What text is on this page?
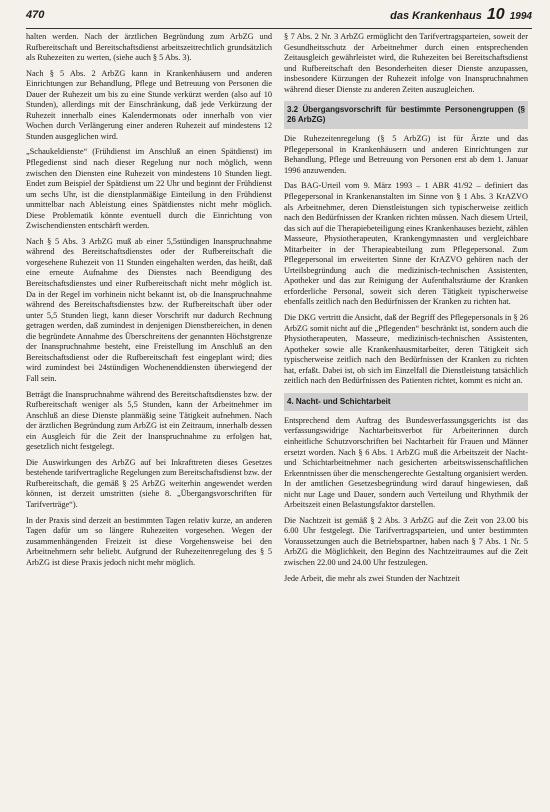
470	das Krankenhaus 10 1994

halten werden. Nach der ärztlichen Begründung zum ArbZG und Rufbereitschaft und Bereitschaftsdienst arbeitszeitrechtlich grundsätzlich als Ruhezeiten zu werten, (siehe auch § 5 Abs. 3).

Nach § 5 Abs. 2 ArbZG kann in Krankenhäusern und anderen Einrichtungen zur Behandlung, Pflege und Betreuung von Personen die Dauer der Ruhezeit um bis zu eine Stunde verkürzt werden (also auf 10 Stunden), allerdings mit der Einschränkung, daß jede Verkürzung der Ruhezeit innerhalb eines Kalendermonats oder innerhalb von vier Wochen durch Verlängerung einer anderen Ruhezeit auf mindestens 12 Stunden ausgeglichen wird.

„Schaukeldienste“ (Frühdienst im Anschluß an einen Spätdienst) im Pflegedienst sind nach dieser Regelung nur noch möglich, wenn zwischen den Diensten eine Ruhezeit von mindestens 10 Stunden liegt. Endet zum Beispiel der Spätdienst um 22 Uhr und beginnt der Frühdienst um sechs Uhr, ist die dienstplanmäßige Einteilung in den Frühdienst unmittelbar nach Ableistung eines Spätdienstes nicht mehr möglich. Diese Problematik könnte eventuell durch die Einrichtung von Zwischendiensten entschärft werden.

Nach § 5 Abs. 3 ArbZG muß ab einer 5,5stündigen Inanspruchnahme während des Bereitschaftsdienstes oder der Rufbereitschaft die vorgesehene Ruhezeit von 11 Stunden eingehalten werden, das heißt, daß eine erneute Aufnahme des Dienstes nach Beendigung des Bereitschaftsdienstes und einer Rufbereitschaft nicht mehr möglich ist. Da in der Regel im vorhinein nicht bekannt ist, ob die Inanspruchnahme während des Bereitschaftsdienstes bzw. der Rufbereitschaft über oder unter 5,5 Stunden liegt, kann dieser Vorschrift nur dadurch Rechnung getragen werden, daß zumindest in denjenigen Dienstbereichen, in denen die begründete Annahme des Überschreitens der genannten Höchstgrenze der Inanspruchnahme besteht, eine Freistellung im Anschluß an den Bereitschaftsdienst oder die Rufbereitschaft fest eingeplant wird; dies wird zumindest bei 24stündigen Wochenenddiensten überwiegend der Fall sein.

Beträgt die Inanspruchnahme während des Bereitschaftsdienstes bzw. der Rufbereitschaft weniger als 5,5 Stunden, kann der Arbeitnehmer im Anschluß an diese Dienste planmäßig seine Tätigkeit aufnehmen. Nach der ärztlichen Begründung zum ArbZG ist ein Zeitraum, innerhalb dessen ein Ausgleich für die Zeit der Inanspruchnahme zu erfolgen hat, gesetzlich nicht festgelegt.

Die Auswirkungen des ArbZG auf bei Inkrafttreten dieses Gesetzes bestehende tarifvertragliche Regelungen zum Bereitschaftsdienst bzw. der Rufbereitschaft, die gemäß § 25 ArbZG weiterhin angewendet werden können, ist derzeit umstritten (siehe 8. „Übergangsvorschriften für Tarifverträge“).

In der Praxis sind derzeit an bestimmten Tagen relativ kurze, an anderen Tagen dafür um so längere Ruhezeiten vorgesehen. Wegen der zusammenhängenden Freizeit ist diese Vorgehensweise bei den Arbeitnehmern sehr beliebt. Aufgrund der Ruhezeitenregelung des § 5 ArbZG ist diese Praxis jedoch nicht mehr möglich.

§ 7 Abs. 2 Nr. 3 ArbZG ermöglicht den Tarifvertragsparteien, soweit der Gesundheitsschutz der Arbeitnehmer durch einen entsprechenden Zeitausgleich gewährleistet wird, die Ruhezeiten bei Bereitschaftsdienst und Rufbereitschaft den Besonderheiten dieser Dienste anzupassen, insbesondere Kürzungen der Ruhezeit infolge von Inanspruchnahmen während dieser Dienste zu anderen Zeiten auszugleichen.

3.2 Übergangsvorschrift für bestimmte Personengruppen (§ 26 ArbZG)

Die Ruhezeitenregelung (§ 5 ArbZG) ist für Ärzte und das Pflegepersonal in Krankenhäusern und anderen Einrichtungen zur Behandlung, Pflege und Betreuung von Personen erst ab dem 1. Januar 1996 anzuwenden.

Das BAG-Urteil vom 9. März 1993 – 1 ABR 41/92 – definiert das Pflegepersonal in Krankenanstalten im Sinne von § 1 Abs. 3 KrAZVO als Arbeitnehmer, deren Dienstleistungen sich typischerweise zeitlich nach den Bedürfnissen der Kranken richten müssen. Nach diesem Urteil, das sich auf die Therapiebeteiligung eines Krankenhauses bezieht, zählen Masseure, Physiotherapeuten, Krankengymnasten und vergleichbare Mitarbeiter in der Therapieabteilung zum Pflegepersonal. Zum Pflegepersonal im erweiterten Sinne der KrAZVO gehören nach der Urteilsbegründung auch die medizinisch-technischen Assistenten, Apotheker und das zur Reinigung der Aufenthaltsräume der Kranken erforderliche Personal, soweit sich deren Tätigkeit typischerweise ebenfalls zeitlich nach den Bedürfnissen der Kranken zu richten hat.

Die DKG vertritt die Ansicht, daß der Begriff des Pflegepersonals in § 26 ArbZG somit nicht auf die „Pflegenden“ beschränkt ist, sondern auch die Physiotherapeuten, Masseure, medizinisch-technischen Assistenten, Apotheker sowie alle Krankenhausmitarbeiter, deren Tätigkeit sich typischerweise zeitlich nach den Bedürfnissen der Kranken zu richten hat, erfaßt. Dabei ist, ob sich im Einzelfall die Dienstleistung tatsächlich zeitlich nach den Bedürfnissen des Patienten richtet, kommt es nicht an.

4. Nacht- und Schichtarbeit

Entsprechend dem Auftrag des Bundesverfassungsgerichts ist das verfassungswidrige Nachtarbeitsverbot für Arbeiterinnen durch einheitliche Schutzvorschriften bei Nachtarbeit für Frauen und Männer ersetzt worden. Nach § 6 Abs. 1 ArbZG muß die Arbeitszeit der Nacht- und Schichtarbeitnehmer nach gesicherten arbeitswissenschaftlichen Erkenntnissen über die menschengerechte Gestaltung organisiert werden. In der amtlichen Gesetzesbegründung wird darauf hingewiesen, daß nicht nur Lage und Dauer, sondern auch Verteilung und Rhythmik der Arbeitszeit einen Belastungsfaktor darstellen.

Die Nachtzeit ist gemäß § 2 Abs. 3 ArbZG auf die Zeit von 23.00 bis 6.00 Uhr festgelegt. Die Tarifvertragsparteien, und unter bestimmten Voraussetzungen auch die Betriebspartner, haben nach § 7 Abs. 1 Nr. 5 ArbZG die Möglichkeit, den Beginn des Nachtzeitraumes auf die Zeit zwischen 22.00 und 24.00 Uhr festzulegen.

Jede Arbeit, die mehr als zwei Stunden der Nachtzeit
